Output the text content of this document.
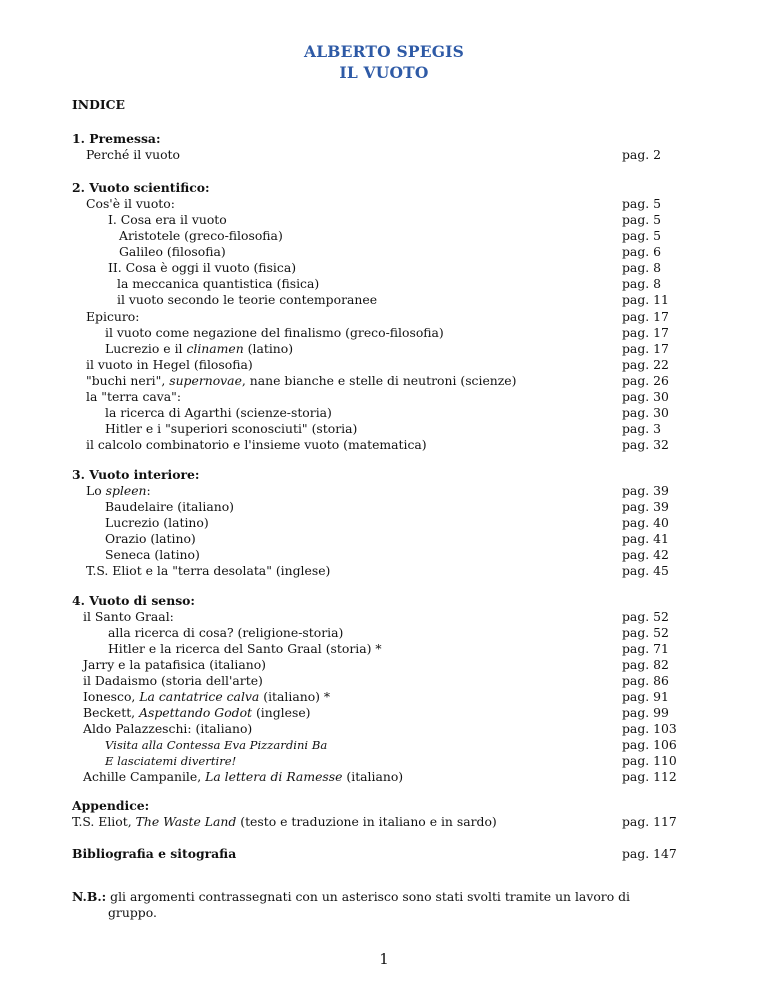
ALBERTO SPEGIS
IL VUOTO
INDICE
1. Premessa:
Perché il vuoto	pag. 2
2. Vuoto scientifico:
Cos'è il vuoto:	pag. 5
I. Cosa era il vuoto	pag. 5
Aristotele (greco-filosofia)	pag. 5
Galileo (filosofia)	pag. 6
II. Cosa è oggi il vuoto (fisica)	pag. 8
la meccanica quantistica (fisica)	pag. 8
il vuoto secondo le teorie contemporanee	pag. 11
Epicuro:	pag. 17
il vuoto come negazione del finalismo (greco-filosofia)	pag. 17
Lucrezio e il clinamen (latino)	pag. 17
il vuoto in Hegel (filosofia)	pag. 22
"buchi neri", supernovae, nane bianche e stelle di neutroni (scienze)	pag. 26
la "terra cava":	pag. 30
la ricerca di Agarthi (scienze-storia)	pag. 30
Hitler e i "superiori sconosciuti" (storia)	pag. 3
il calcolo combinatorio e l'insieme vuoto (matematica)	pag. 32
3. Vuoto interiore:
Lo spleen:	pag. 39
Baudelaire (italiano)	pag. 39
Lucrezio (latino)	pag. 40
Orazio (latino)	pag. 41
Seneca (latino)	pag. 42
T.S. Eliot e la "terra desolata" (inglese)	pag. 45
4. Vuoto di senso:
il Santo Graal:	pag. 52
alla ricerca di cosa? (religione-storia)	pag. 52
Hitler e la ricerca del Santo Graal (storia) *	pag. 71
Jarry e la patafisica (italiano)	pag. 82
il Dadaismo (storia dell'arte)	pag. 86
Ionesco, La cantatrice calva (italiano) *	pag. 91
Beckett, Aspettando Godot (inglese)	pag. 99
Aldo Palazzeschi: (italiano)	pag. 103
Visita alla Contessa Eva Pizzardini Ba	pag. 106
E lasciatemi divertire!	pag. 110
Achille Campanile, La lettera di Ramesse (italiano)	pag. 112
Appendice:
T.S. Eliot, The Waste Land (testo e traduzione in italiano e in sardo)	pag. 117
Bibliografia e sitografia	pag. 147
N.B.: gli argomenti contrassegnati con un asterisco sono stati svolti tramite un lavoro di
gruppo.
1
